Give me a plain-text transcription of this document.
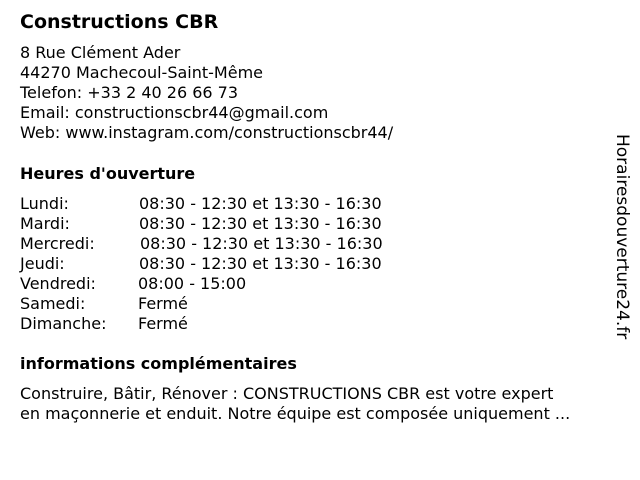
Constructions CBR
8 Rue Clément Ader
44270 Machecoul-Saint-Même
Telefon: +33 2 40 26 66 73
Email: constructionscbr44@gmail.com
Web: www.instagram.com/constructionscbr44/
Heures d'ouverture
Lundi:	08:30 - 12:30 et 13:30 - 16:30
Mardi:	08:30 - 12:30 et 13:30 - 16:30
Mercredi:	08:30 - 12:30 et 13:30 - 16:30
Jeudi:	08:30 - 12:30 et 13:30 - 16:30
Vendredi:	08:00 - 15:00
Samedi:	Fermé
Dimanche: Fermé
informations complémentaires
Construire, Bâtir, Rénover : CONSTRUCTIONS CBR est votre expert
en maçonnerie et enduit. Notre équipe est composée uniquement ...
Horairesdouverture24.fr
